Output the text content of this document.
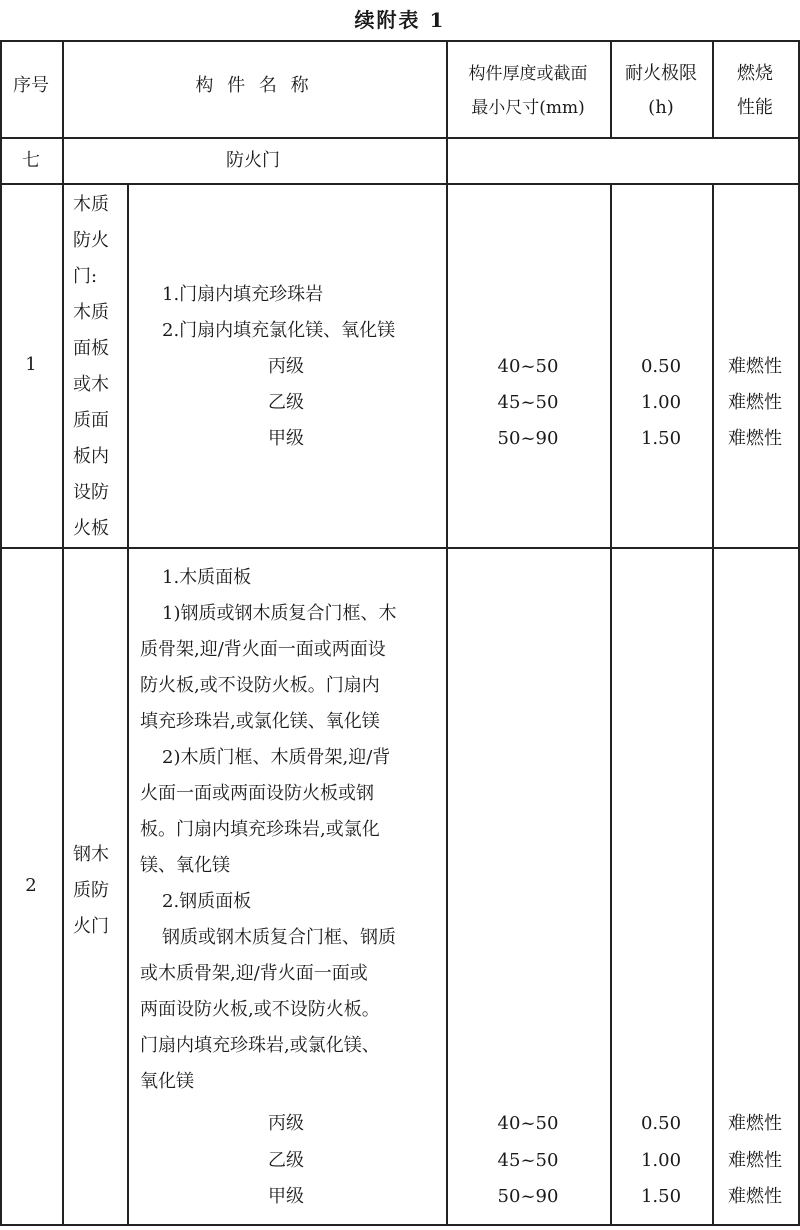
续附表 1
序号	构 件 名 称
构件厚度或截面
最小尺寸(mm)
耐火极限
(h)
燃烧
性能
七	防火门
1
木质
防火
门:
木质
面板
或木
质面
板内
设防
火板
1.门扇内填充珍珠岩
2.门扇内填充氯化镁、氧化镁
丙级
乙级
甲级
40~50
45~50
50~90
0.50
1.00
1.50
难燃性
难燃性
难燃性
2
钢木
质防
火门
1.木质面板
1)钢质或钢木质复合门框、木
质骨架,迎/背火面一面或两面设
防火板,或不设防火板。门扇内
填充珍珠岩,或氯化镁、氧化镁
2)木质门框、木质骨架,迎/背
火面一面或两面设防火板或钢
板。门扇内填充珍珠岩,或氯化
镁、氧化镁
2.钢质面板
钢质或钢木质复合门框、钢质
或木质骨架,迎/背火面一面或
两面设防火板,或不设防火板。
门扇内填充珍珠岩,或氯化镁、
氧化镁
丙级
乙级
甲级
40~50
45~50
50~90
0.50
1.00
1.50
难燃性
难燃性
难燃性
